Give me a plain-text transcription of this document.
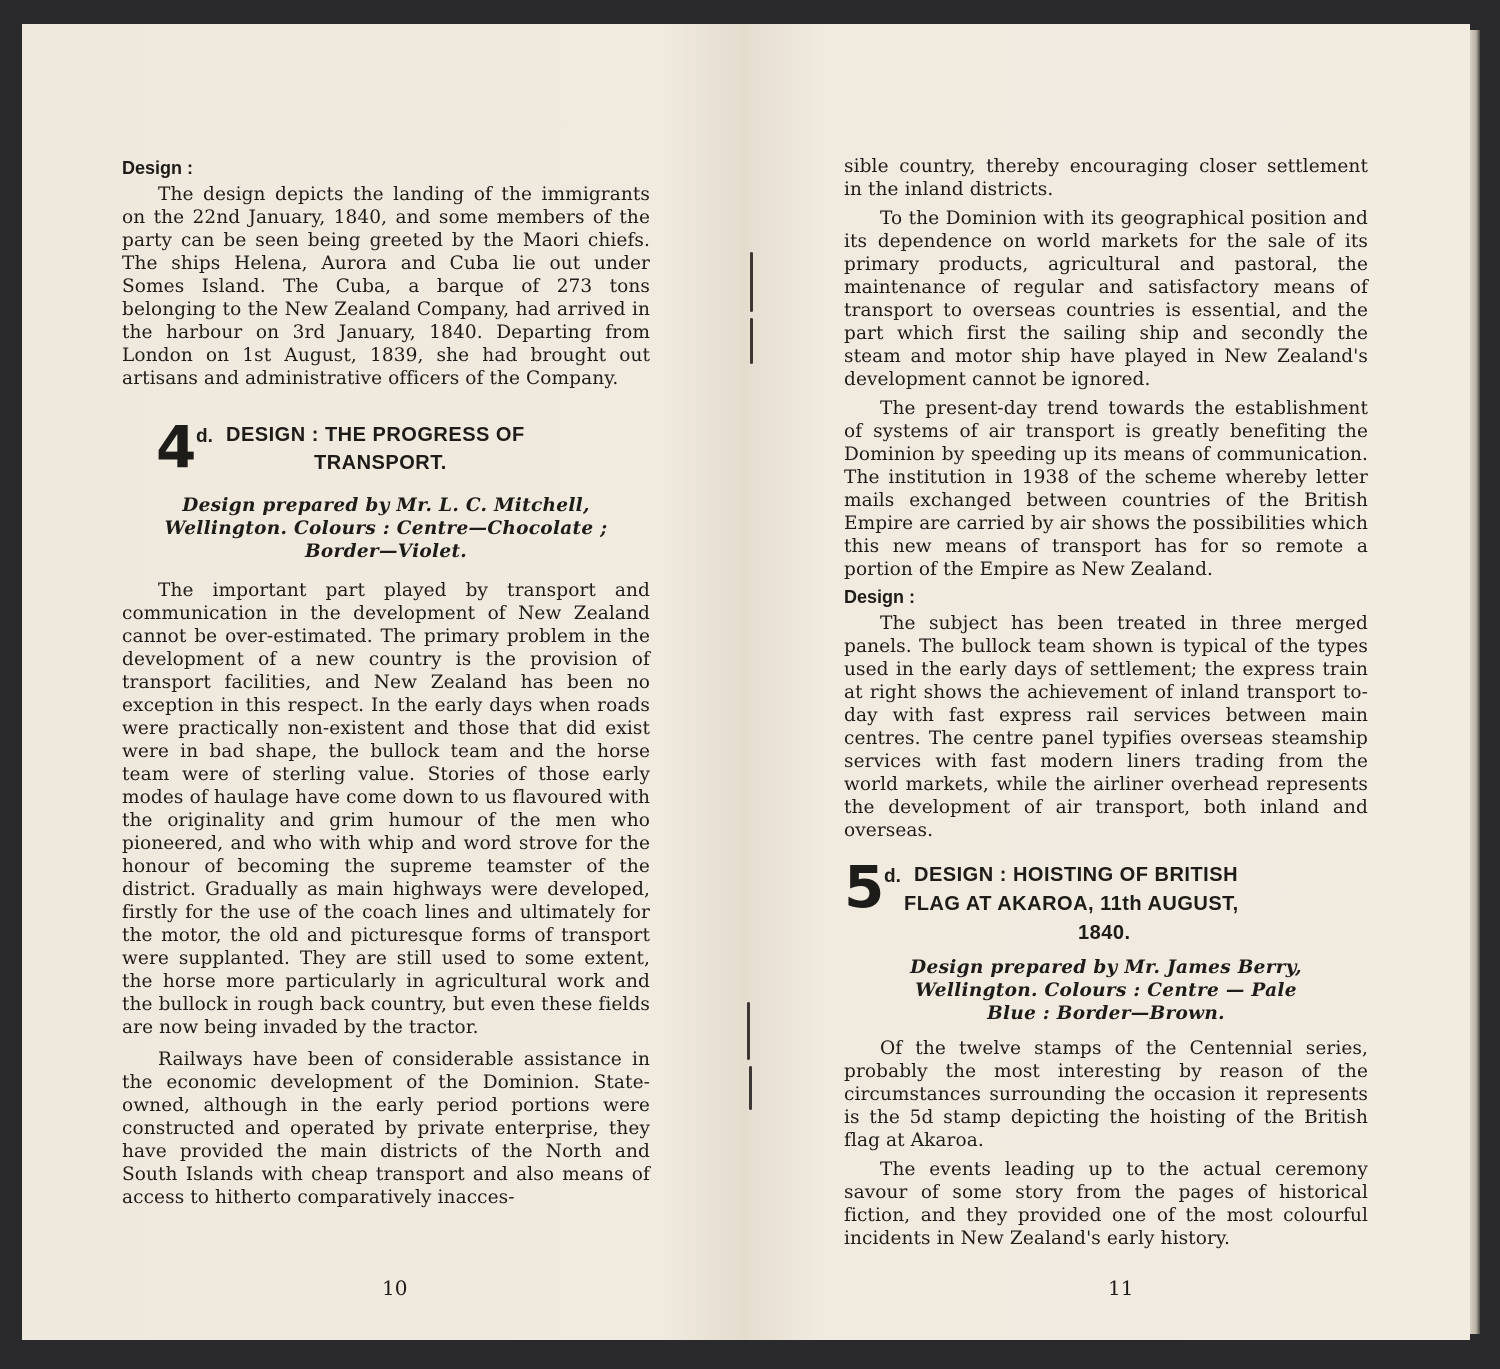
Design :

The design depicts the landing of the immigrants on the 22nd January, 1840, and some members of the party can be seen being greeted by the Maori chiefs. The ships Helena, Aurora and Cuba lie out under Somes Island. The Cuba, a barque of 273 tons belonging to the New Zealand Company, had arrived in the harbour on 3rd January, 1840. Departing from London on 1st August, 1839, she had brought out artisans and administrative officers of the Company.

4 d. DESIGN : THE PROGRESS OF

TRANSPORT.

Design prepared by Mr. L. C. Mitchell,

Wellington. Colours : Centre—Chocolate ;

Border—Violet.

The important part played by transport and communication in the development of New Zealand cannot be over-estimated. The primary problem in the development of a new country is the provision of transport facilities, and New Zealand has been no exception in this respect. In the early days when roads were practically non-existent and those that did exist were in bad shape, the bullock team and the horse team were of sterling value. Stories of those early modes of haulage have come down to us flavoured with the originality and grim humour of the men who pioneered, and who with whip and word strove for the honour of becoming the supreme teamster of the district. Gradually as main highways were developed, firstly for the use of the coach lines and ultimately for the motor, the old and picturesque forms of transport were supplanted. They are still used to some extent, the horse more particularly in agricultural work and the bullock in rough back country, but even these fields are now being invaded by the tractor.

Railways have been of considerable assistance in the economic development of the Dominion. State-owned, although in the early period portions were constructed and operated by private enterprise, they have provided the main districts of the North and South Islands with cheap transport and also means of access to hitherto comparatively inacces-

10

sible country, thereby encouraging closer settlement in the inland districts.

To the Dominion with its geographical position and its dependence on world markets for the sale of its primary products, agricultural and pastoral, the maintenance of regular and satisfactory means of transport to overseas countries is essential, and the part which first the sailing ship and secondly the steam and motor ship have played in New Zealand's development cannot be ignored.

The present-day trend towards the establishment of systems of air transport is greatly benefiting the Dominion by speeding up its means of communication. The institution in 1938 of the scheme whereby letter mails exchanged between countries of the British Empire are carried by air shows the possibilities which this new means of transport has for so remote a portion of the Empire as New Zealand.

Design :

The subject has been treated in three merged panels. The bullock team shown is typical of the types used in the early days of settlement; the express train at right shows the achievement of inland transport to-day with fast express rail services between main centres. The centre panel typifies overseas steamship services with fast modern liners trading from the world markets, while the airliner overhead represents the development of air transport, both inland and overseas.

5 d. DESIGN : HOISTING OF BRITISH

FLAG AT AKAROA, 11th AUGUST,

1840.

Design prepared by Mr. James Berry,

Wellington. Colours : Centre — Pale

Blue : Border—Brown.

Of the twelve stamps of the Centennial series, probably the most interesting by reason of the circumstances surrounding the occasion it represents is the 5d stamp depicting the hoisting of the British flag at Akaroa.

The events leading up to the actual ceremony savour of some story from the pages of historical fiction, and they provided one of the most colourful incidents in New Zealand's early history.

11
